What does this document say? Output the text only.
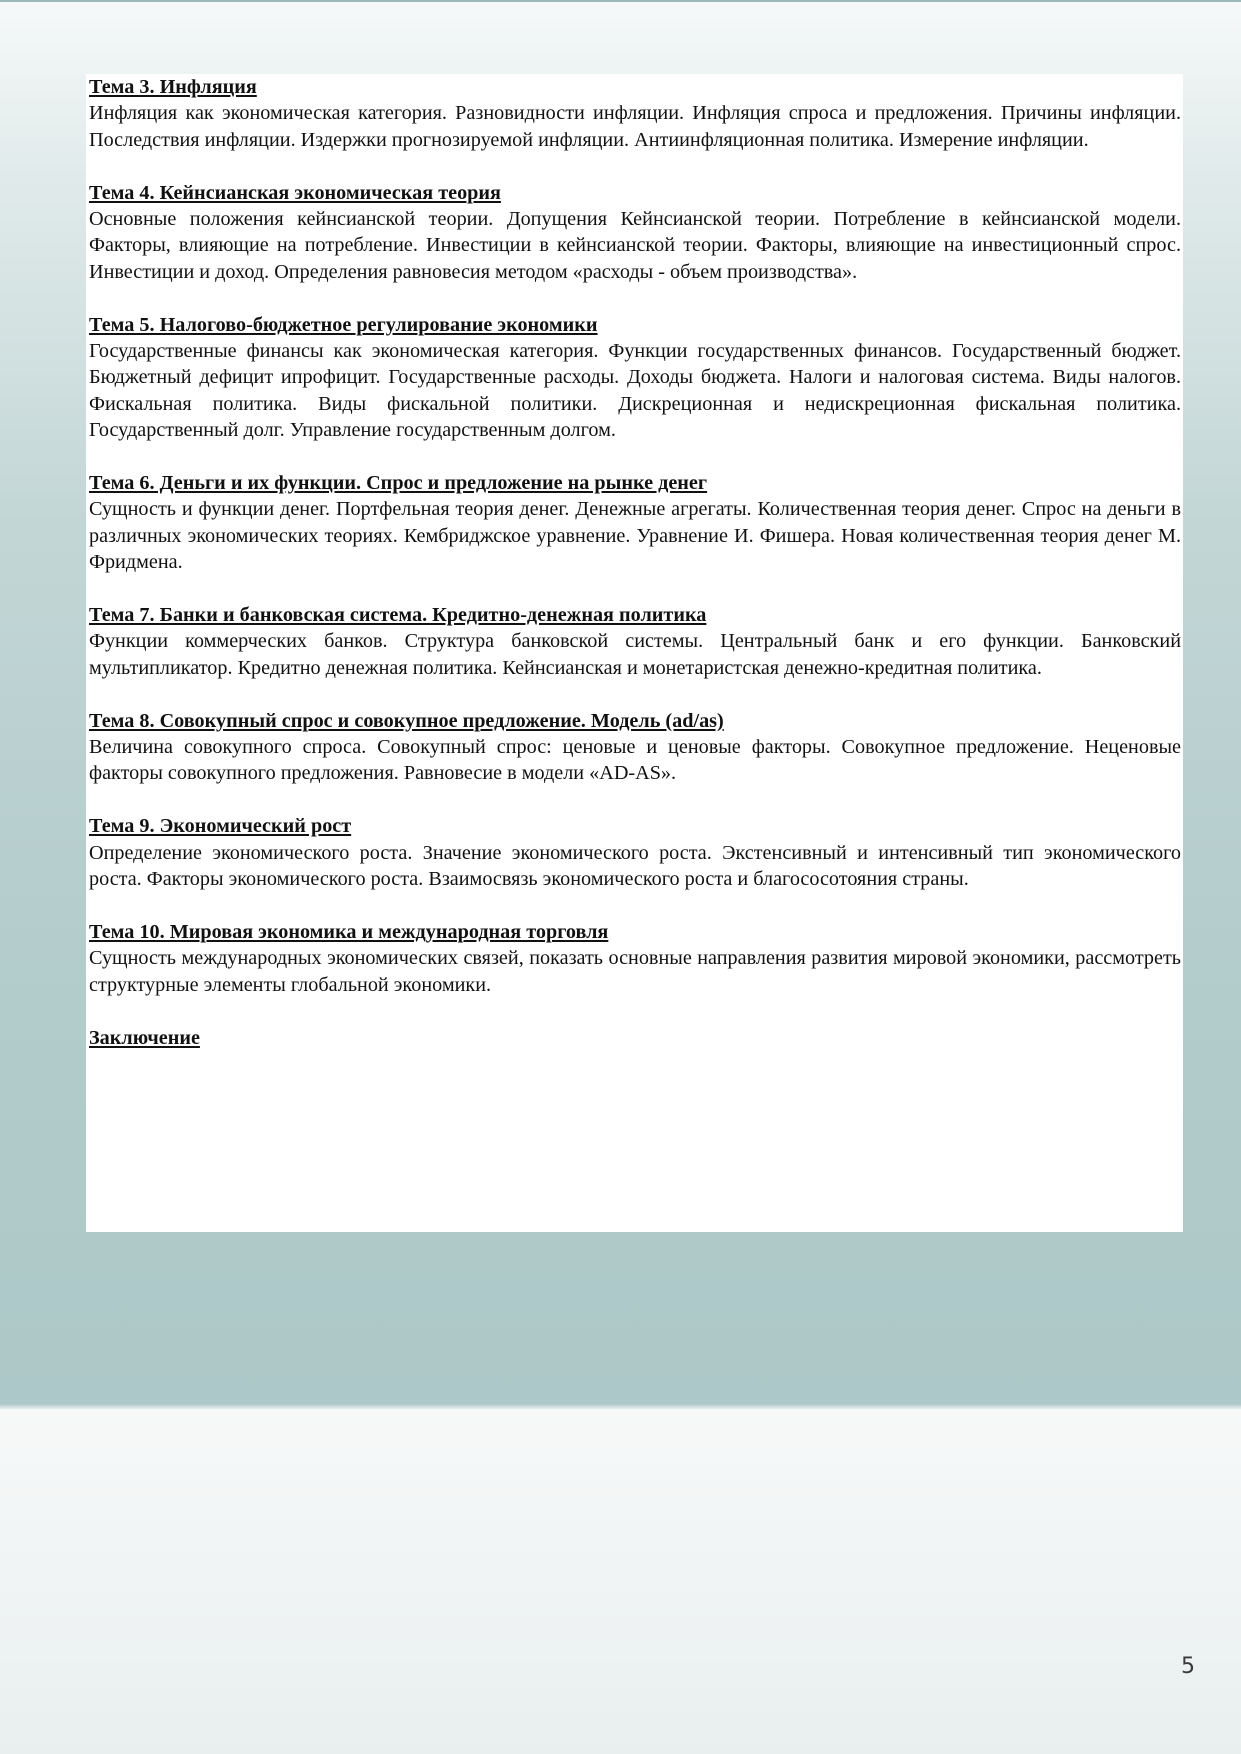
Тема 3. Инфляция

Инфляция как экономическая категория. Разновидности инфляции. Инфляция спроса и предложения. Причины инфляции. Последствия инфляции. Издержки прогнозируемой инфляции. Антиинфляционная политика. Измерение инфляции.

Тема 4. Кейнсианская экономическая теория

Основные положения кейнсианской теории. Допущения Кейнсианской теории. Потребление в кейнсианской модели. Факторы, влияющие на потребление. Инвестиции в кейнсианской теории. Факторы, влияющие на инвестиционный спрос. Инвестиции и доход. Определения равновесия методом «расходы - объем производства».

Тема 5. Налогово-бюджетное регулирование экономики

Государственные финансы как экономическая категория. Функции государственных финансов. Государственный бюджет. Бюджетный дефицит ипрофицит. Государственные расходы. Доходы бюджета. Налоги и налоговая система. Виды налогов. Фискальная политика. Виды фискальной политики. Дискреционная и недискреционная фискальная политика. Государственный долг. Управление государственным долгом.

Тема 6. Деньги и их функции. Спрос и предложение на рынке денег

Сущность и функции денег. Портфельная теория денег. Денежные агрегаты. Количественная теория денег. Спрос на деньги в различных экономических теориях. Кембриджское уравнение. Уравнение И. Фишера. Новая количественная теория денег М. Фридмена.

Тема 7. Банки и банковская система. Кредитно-денежная политика

Функции коммерческих банков. Структура банковской системы. Центральный банк и его функции. Банковский мультипликатор. Кредитно денежная политика. Кейнсианская и монетаристская денежно-кредитная политика.

Тема 8. Совокупный спрос и совокупное предложение. Модель (ad/as)

Величина совокупного спроса. Совокупный спрос: ценовые и ценовые факторы. Совокупное предложение. Неценовые факторы совокупного предложения. Равновесие в модели «AD-AS».

Тема 9. Экономический рост

Определение экономического роста. Значение экономического роста. Экстенсивный и интенсивный тип экономического роста. Факторы экономического роста. Взаимосвязь экономического роста и благососотояния страны.

Тема 10. Мировая экономика и международная торговля

Сущность международных экономических связей, показать основные направления развития мировой экономики, рассмотреть структурные элементы глобальной экономики.

Заключение
5
